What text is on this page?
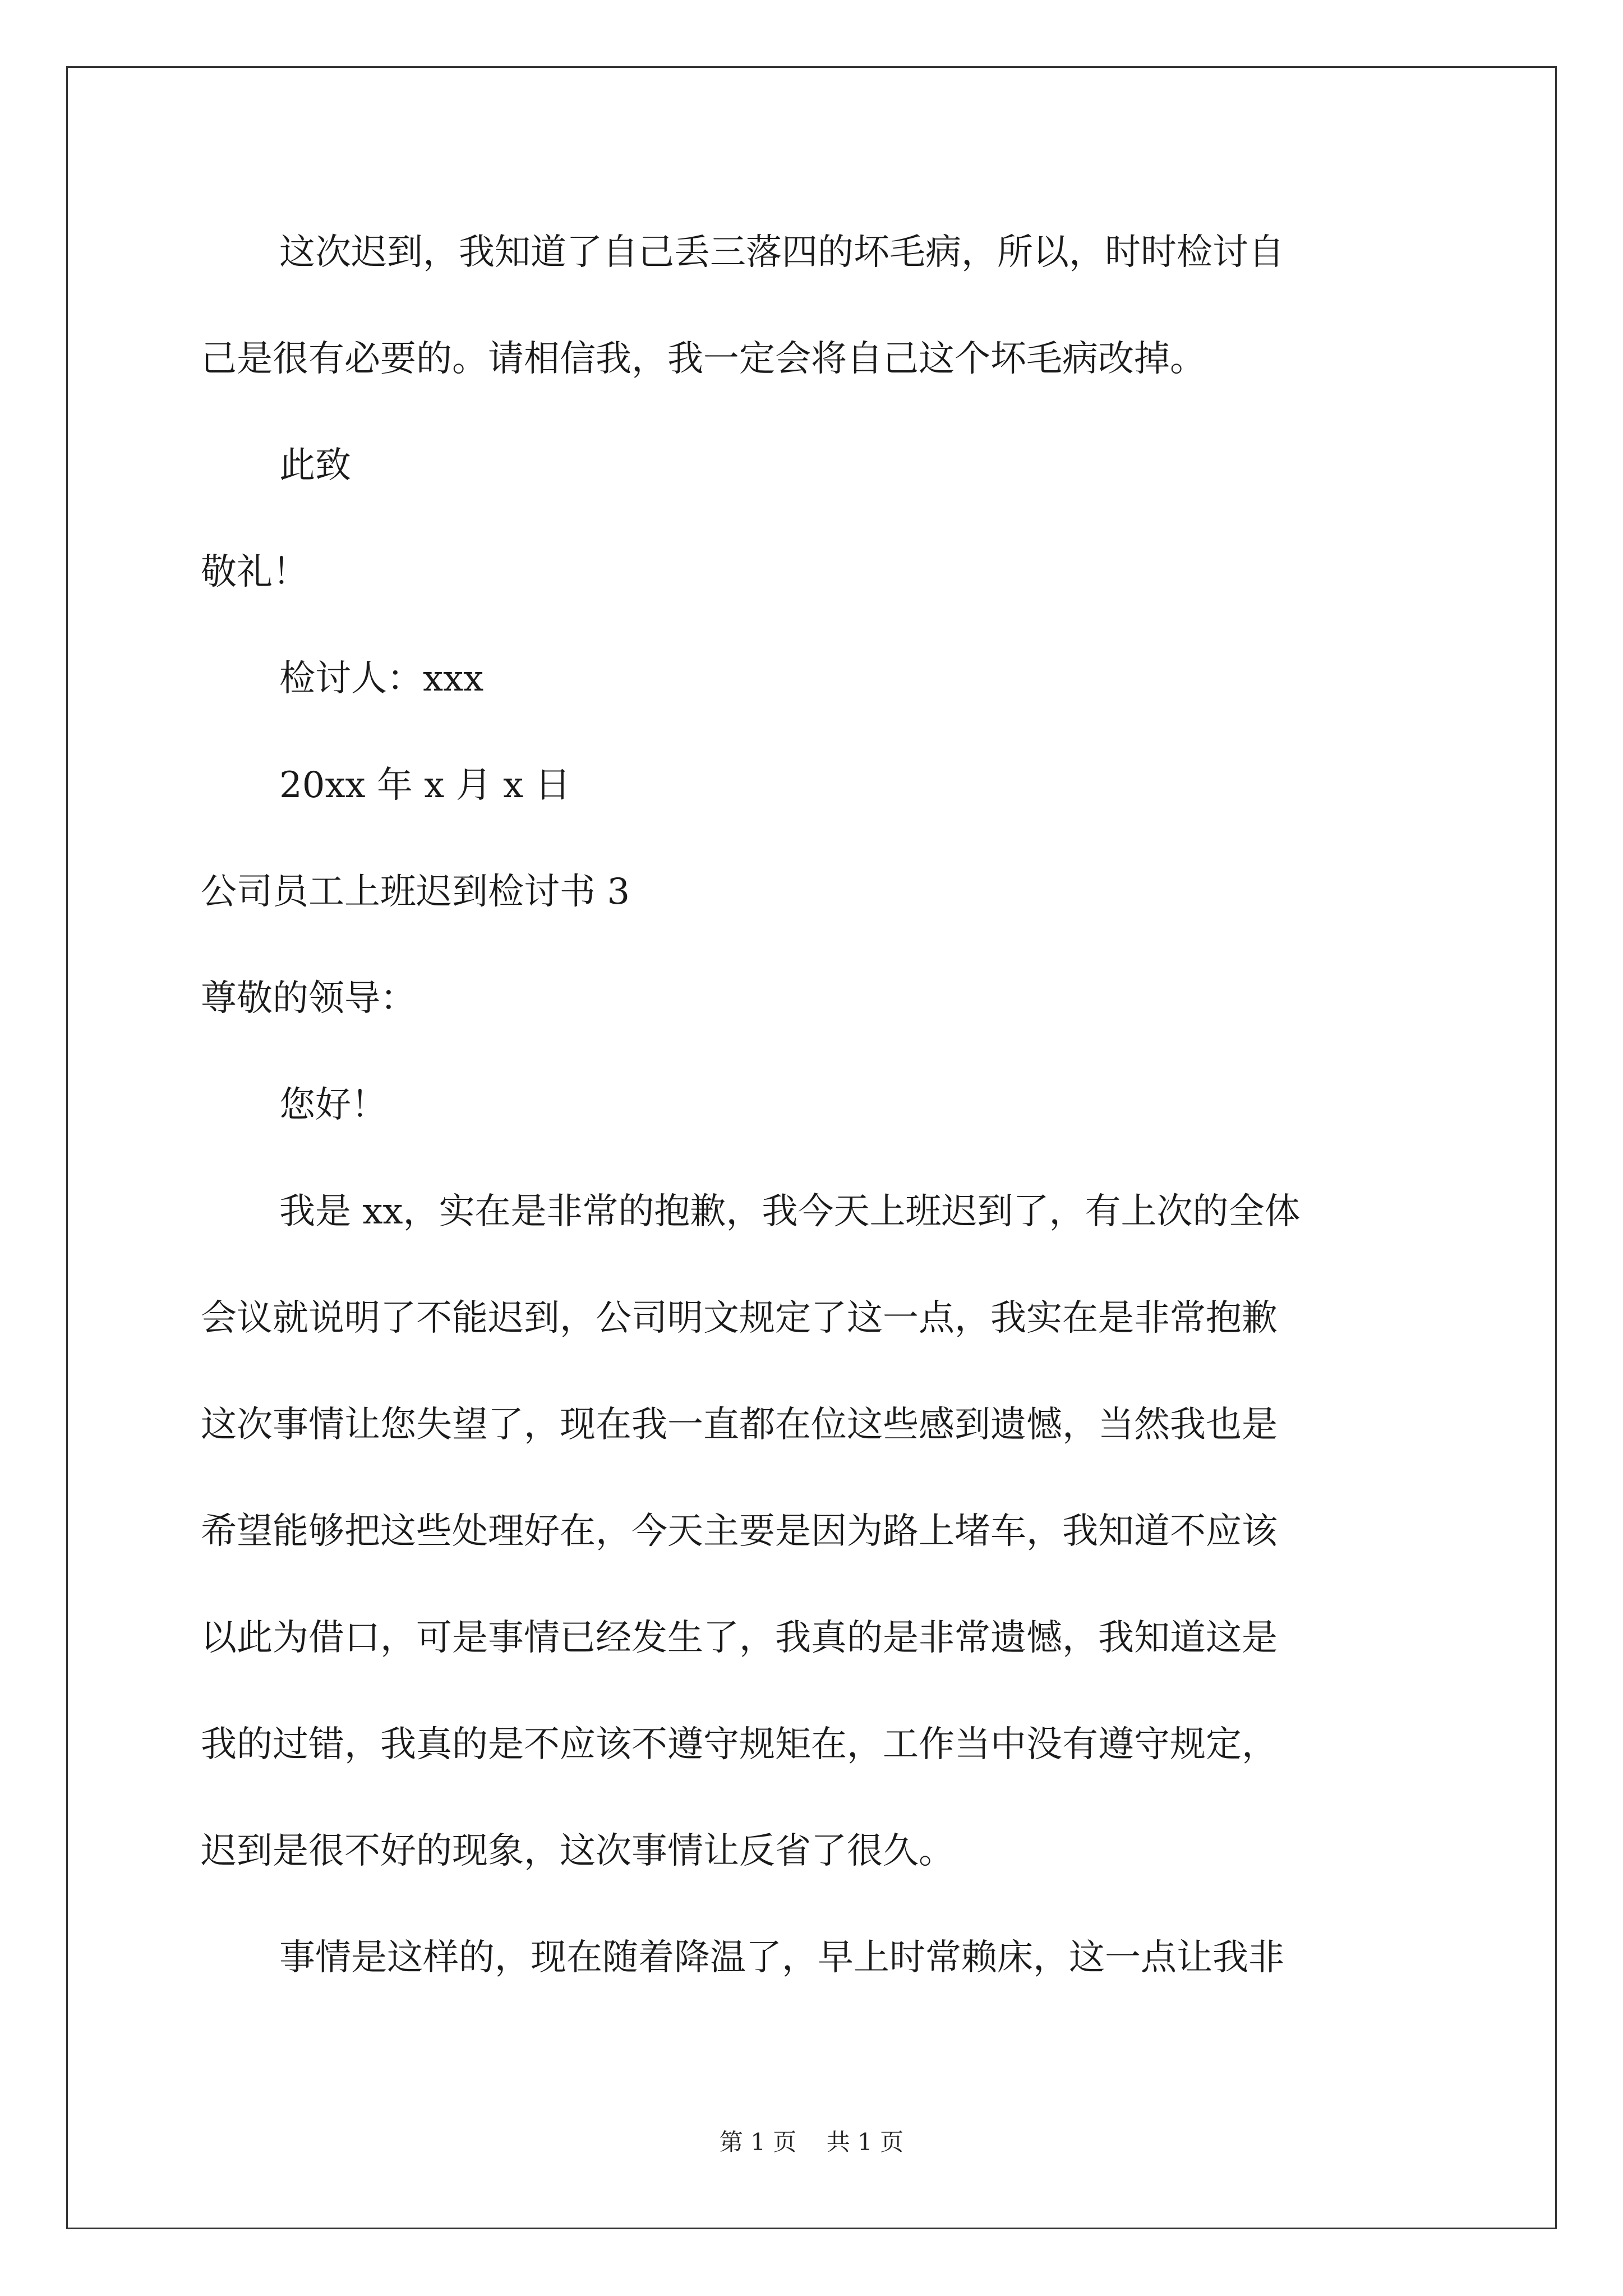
这次迟到，我知道了自己丢三落四的坏毛病，所以，时时检讨自
己是很有必要的。请相信我，我一定会将自己这个坏毛病改掉。
此致
敬礼！
检讨人：xxx
20xx 年 x 月 x 日
公司员工上班迟到检讨书 3
尊敬的领导：
您好！
我是 xx，实在是非常的抱歉，我今天上班迟到了，有上次的全体
会议就说明了不能迟到，公司明文规定了这一点，我实在是非常抱歉
这次事情让您失望了，现在我一直都在位这些感到遗憾，当然我也是
希望能够把这些处理好在，今天主要是因为路上堵车，我知道不应该
以此为借口，可是事情已经发生了，我真的是非常遗憾，我知道这是
我的过错，我真的是不应该不遵守规矩在，工作当中没有遵守规定，
迟到是很不好的现象，这次事情让反省了很久。
事情是这样的，现在随着降温了，早上时常赖床，这一点让我非
第 1 页    共 1 页
